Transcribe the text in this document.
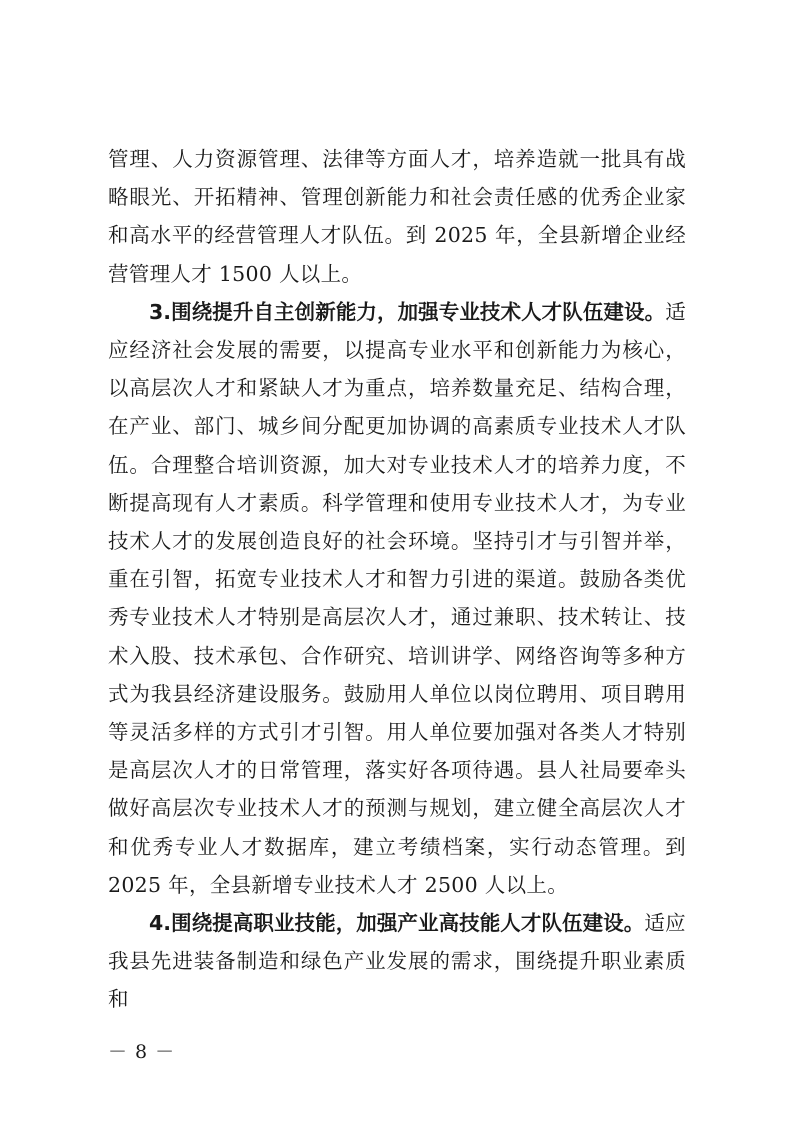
管理、人力资源管理、法律等方面人才，培养造就一批具有战略眼光、开拓精神、管理创新能力和社会责任感的优秀企业家和高水平的经营管理人才队伍。到 2025 年，全县新增企业经营管理人才 1500 人以上。

3.围绕提升自主创新能力，加强专业技术人才队伍建设。适应经济社会发展的需要，以提高专业水平和创新能力为核心，以高层次人才和紧缺人才为重点，培养数量充足、结构合理，在产业、部门、城乡间分配更加协调的高素质专业技术人才队伍。合理整合培训资源，加大对专业技术人才的培养力度，不断提高现有人才素质。科学管理和使用专业技术人才，为专业技术人才的发展创造良好的社会环境。坚持引才与引智并举，重在引智，拓宽专业技术人才和智力引进的渠道。鼓励各类优秀专业技术人才特别是高层次人才，通过兼职、技术转让、技术入股、技术承包、合作研究、培训讲学、网络咨询等多种方式为我县经济建设服务。鼓励用人单位以岗位聘用、项目聘用等灵活多样的方式引才引智。用人单位要加强对各类人才特别是高层次人才的日常管理，落实好各项待遇。县人社局要牵头做好高层次专业技术人才的预测与规划，建立健全高层次人才和优秀专业人才数据库，建立考绩档案，实行动态管理。到 2025 年，全县新增专业技术人才 2500 人以上。

4.围绕提高职业技能，加强产业高技能人才队伍建设。适应我县先进装备制造和绿色产业发展的需求，围绕提升职业素质和

－ 8 －
